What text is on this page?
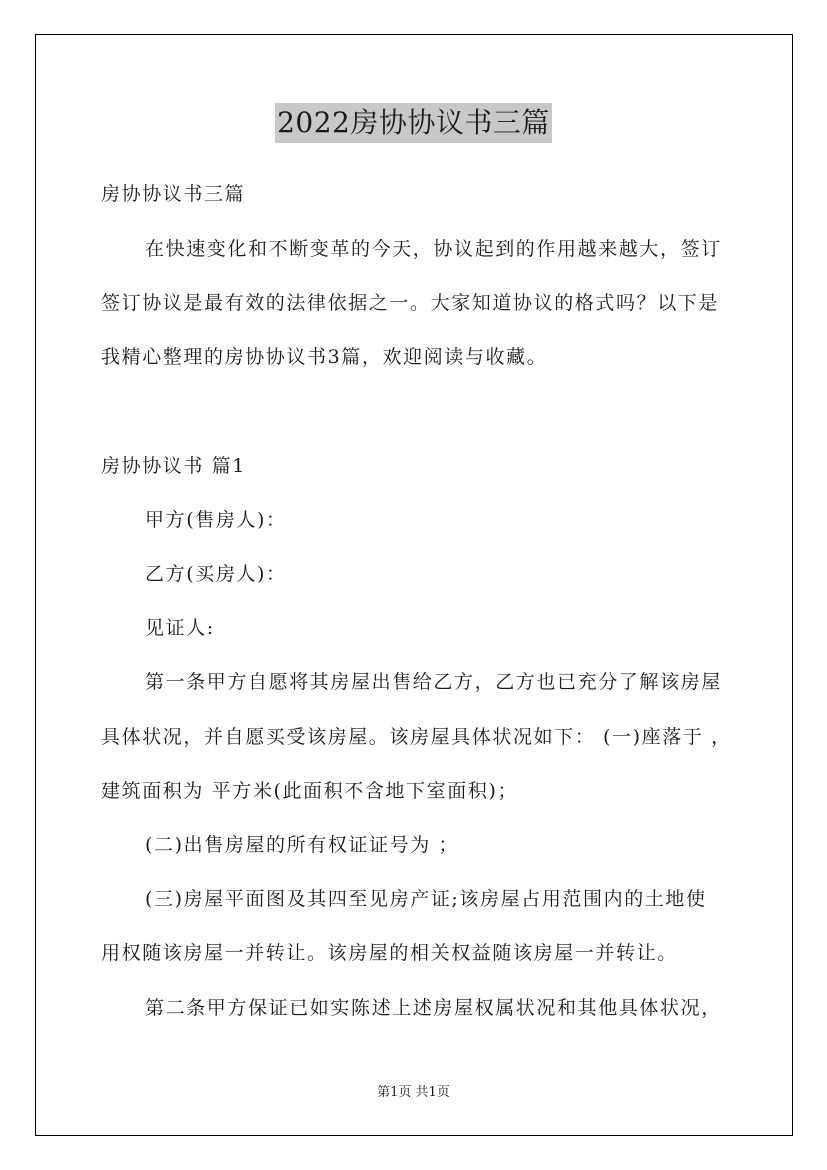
2022房协协议书三篇
房协协议书三篇
在快速变化和不断变革的今天，协议起到的作用越来越大，签订
签订协议是最有效的法律依据之一。大家知道协议的格式吗？以下是
我精心整理的房协协议书3篇，欢迎阅读与收藏。
房协协议书 篇1
甲方(售房人)：
乙方(买房人)：
见证人:
第一条甲方自愿将其房屋出售给乙方，乙方也已充分了解该房屋
具体状况，并自愿买受该房屋。该房屋具体状况如下： (一)座落于 ，
建筑面积为 平方米(此面积不含地下室面积)；
(二)出售房屋的所有权证证号为 ；
(三)房屋平面图及其四至见房产证;该房屋占用范围内的土地使
用权随该房屋一并转让。该房屋的相关权益随该房屋一并转让。
第二条甲方保证已如实陈述上述房屋权属状况和其他具体状况，
第1页 共1页
